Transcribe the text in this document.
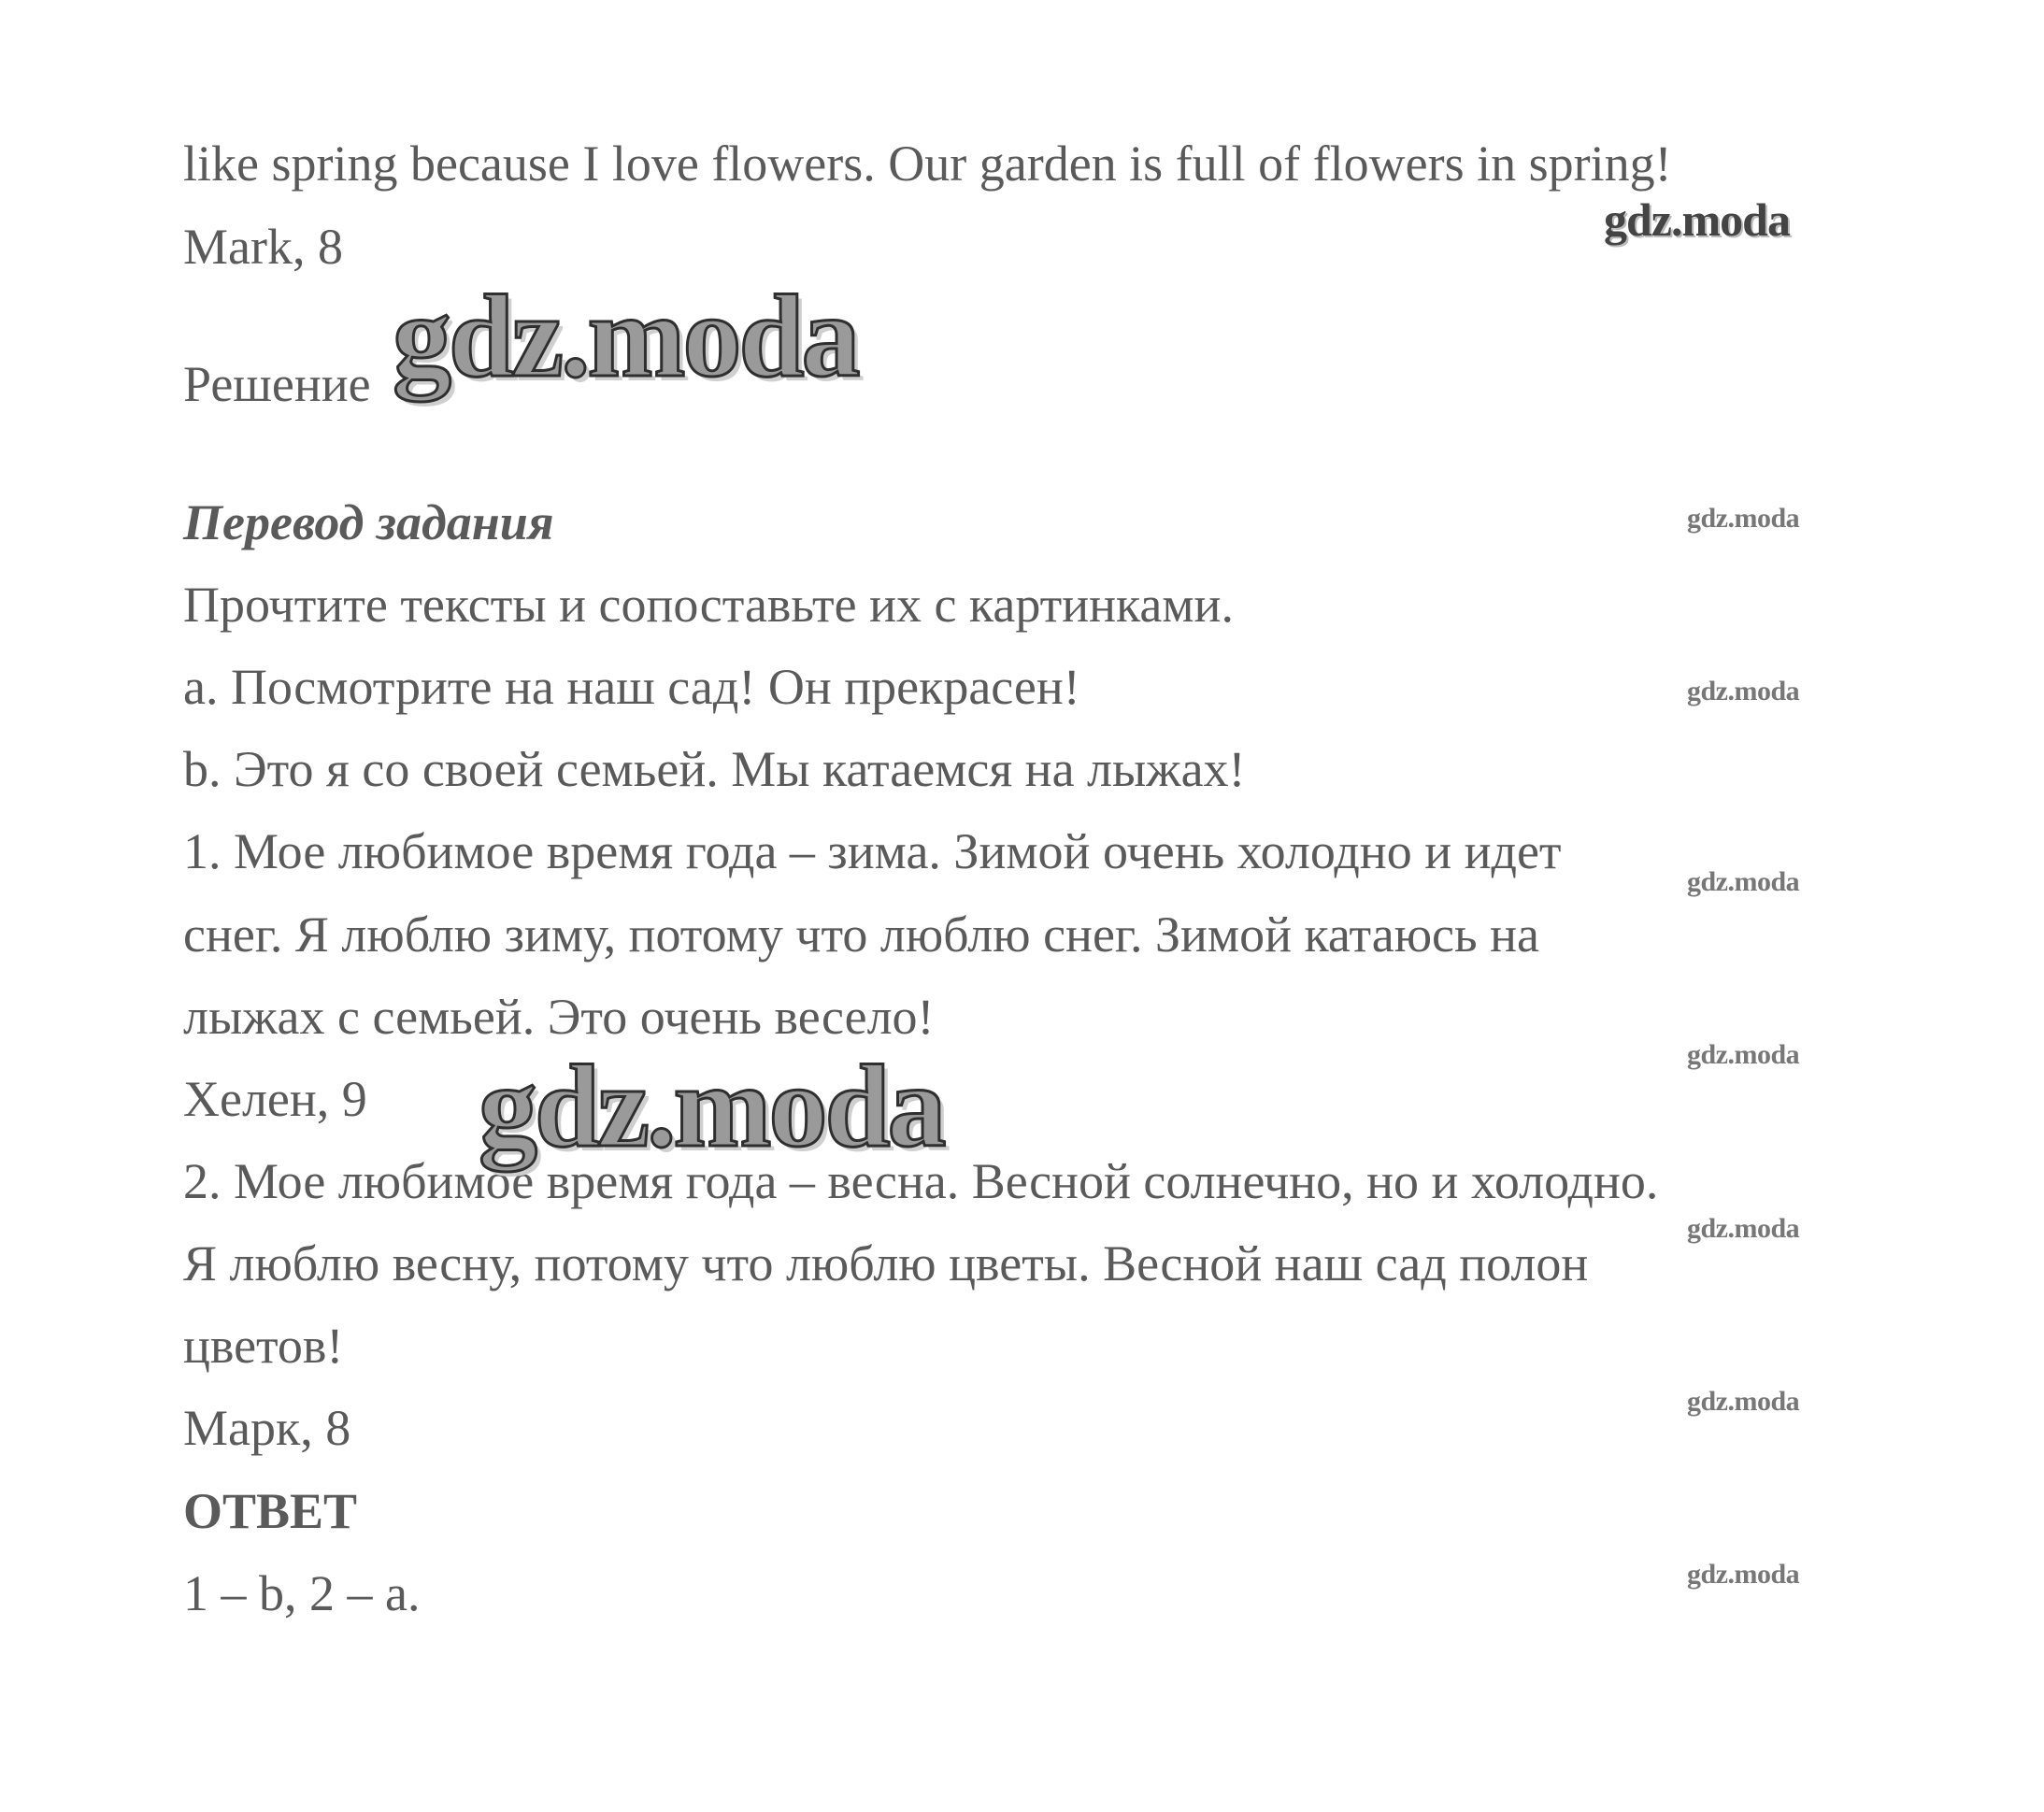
like spring because I love flowers. Our garden is full of flowers in spring!
Mark, 8
Решение
Перевод задания
Прочтите тексты и сопоставьте их с картинками.
a. Посмотрите на наш сад! Он прекрасен!
b. Это я со своей семьей. Мы катаемся на лыжах!
1. Мое любимое время года – зима. Зимой очень холодно и идет
снег. Я люблю зиму, потому что люблю снег. Зимой катаюсь на
лыжах с семьей. Это очень весело!
Хелен, 9
2. Мое любимое время года – весна. Весной солнечно, но и холодно.
Я люблю весну, потому что люблю цветы. Весной наш сад полон
цветов!
Марк, 8
ОТВЕТ
1 – b, 2 – a.
gdz.moda
gdz.moda
gdz.moda
gdz.moda
gdz.moda
gdz.moda
gdz.moda
gdz.moda
gdz.moda
gdz.moda
